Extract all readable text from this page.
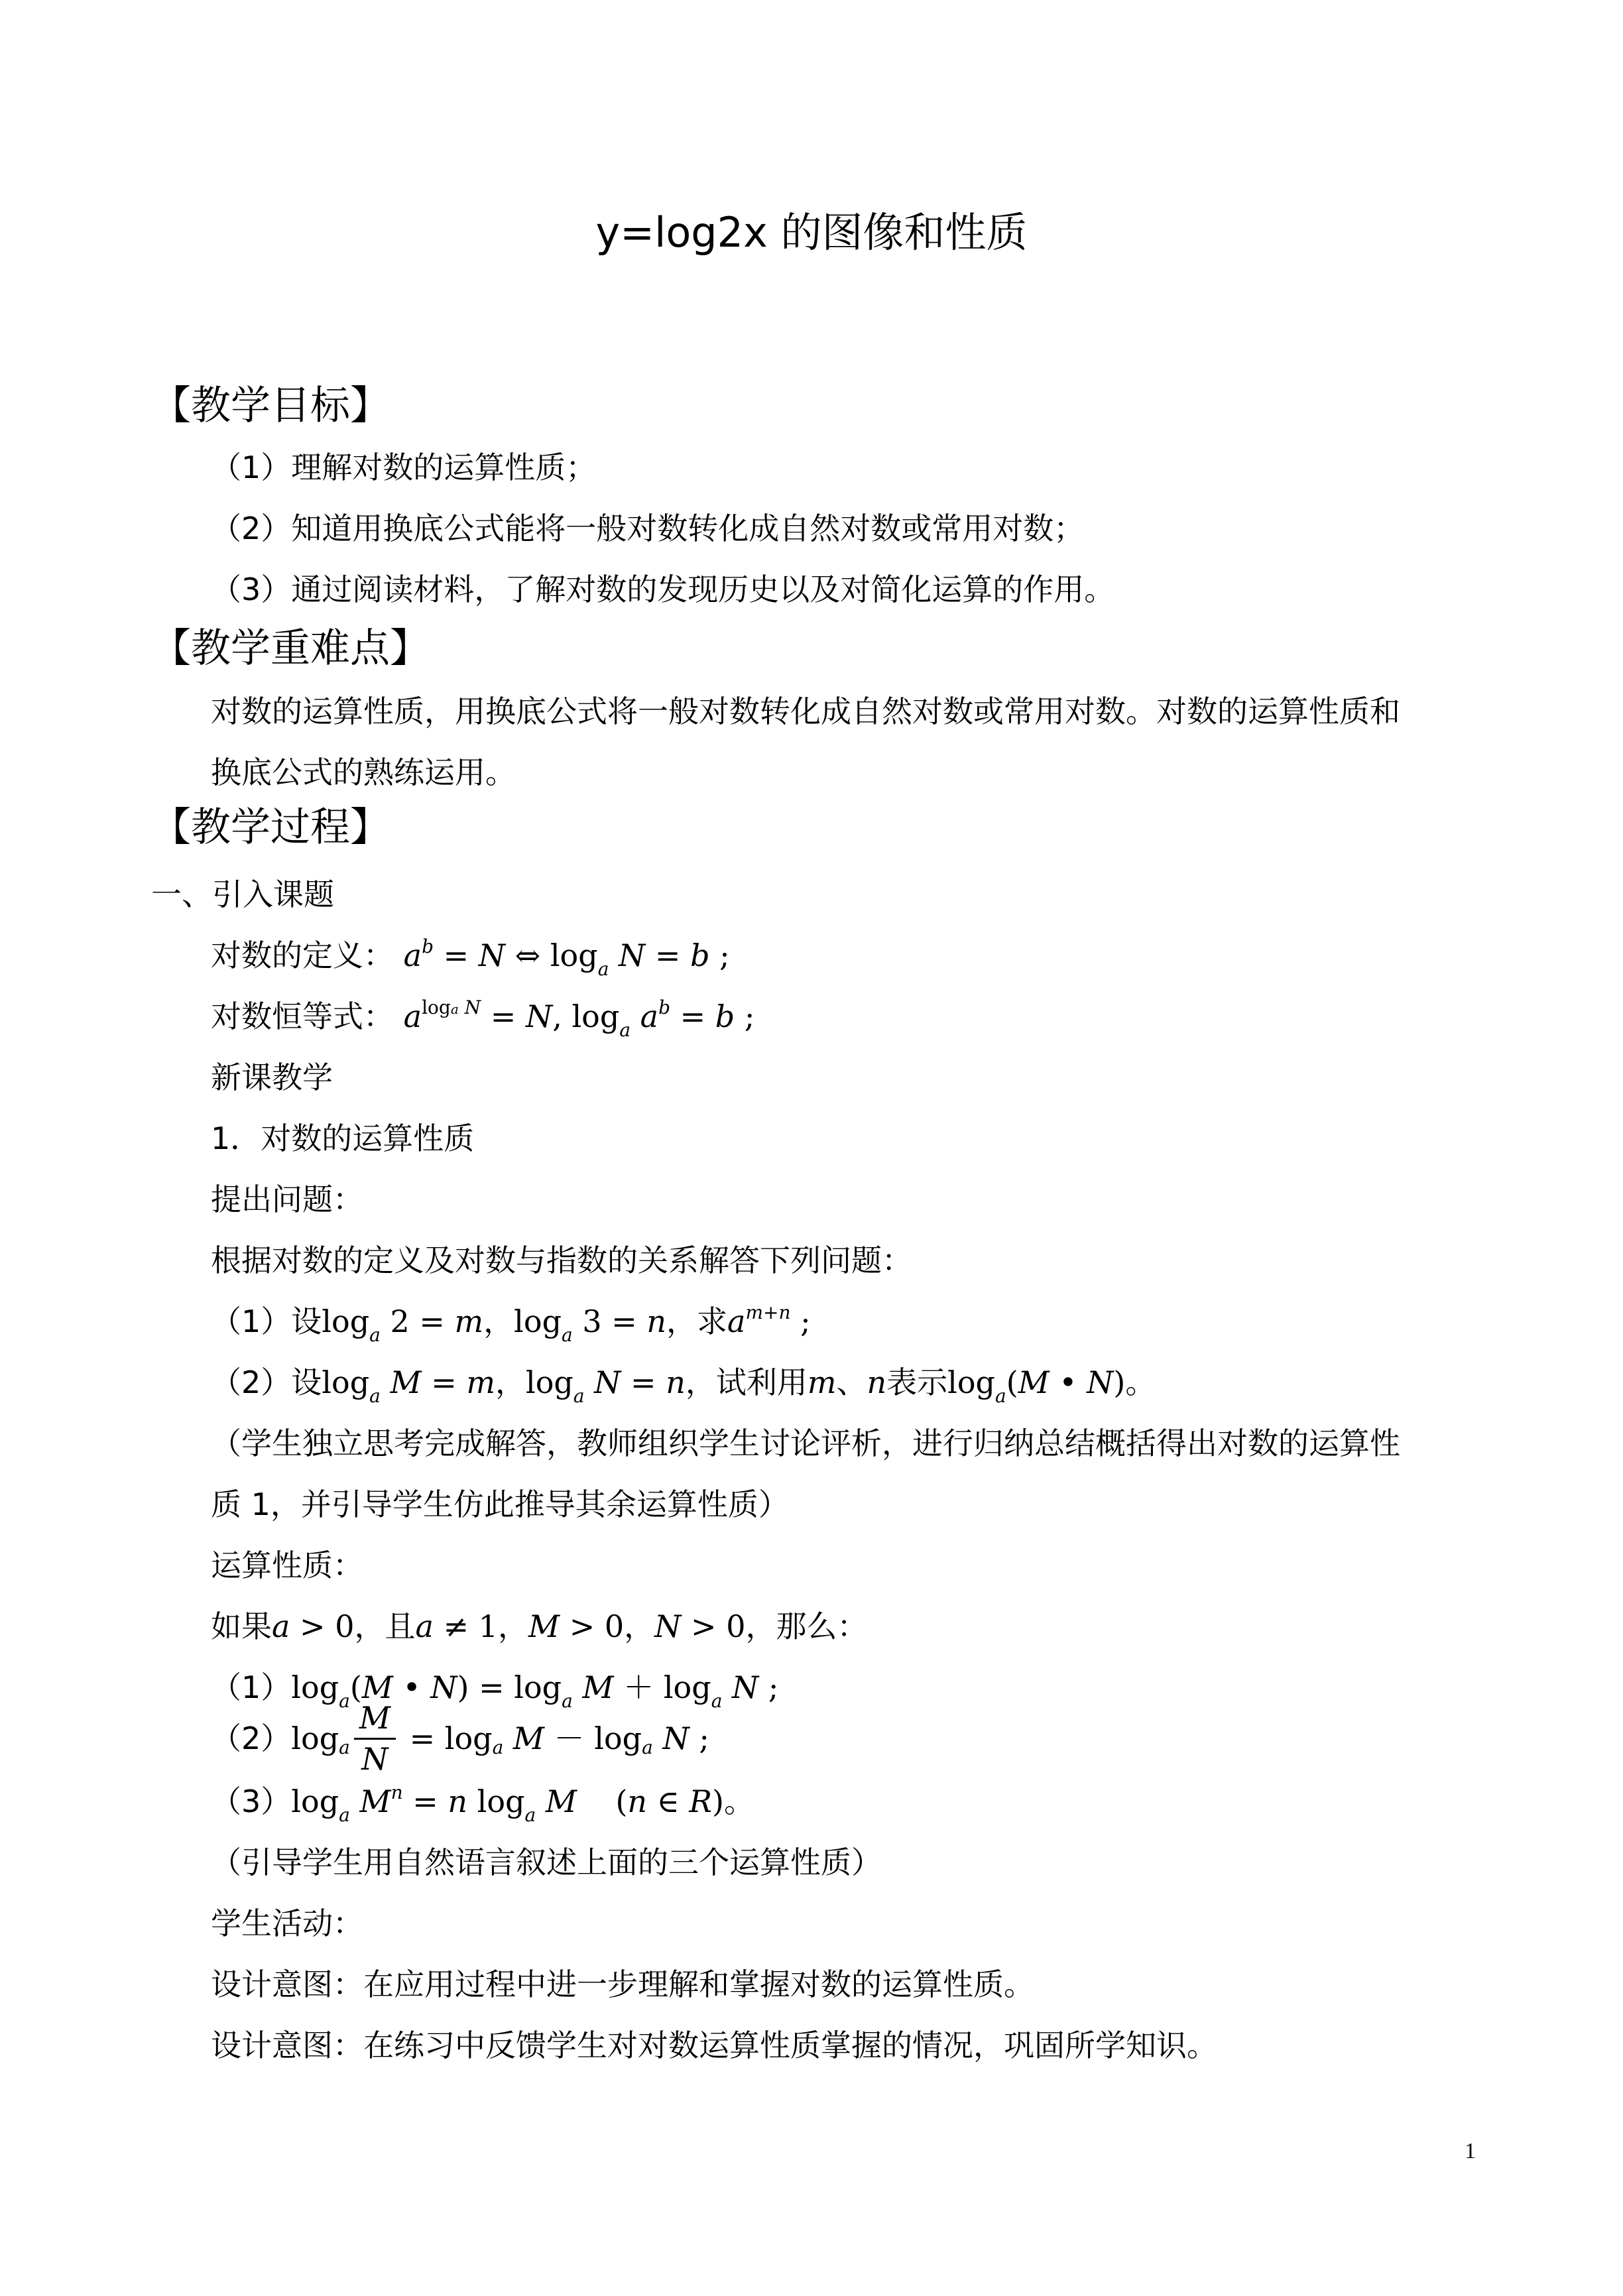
y=log2x 的图像和性质
【教学目标】
（1）理解对数的运算性质；
（2）知道用换底公式能将一般对数转化成自然对数或常用对数；
（3）通过阅读材料，了解对数的发现历史以及对简化运算的作用。
【教学重难点】
对数的运算性质，用换底公式将一般对数转化成自然对数或常用对数。对数的运算性质和
换底公式的熟练运用。
【教学过程】
一、引入课题
对数的定义： $a^b = N$ ⇔ $\log_a N = b$ ;
对数恒等式： $a^{loga N} = N$, $\log_a a^b = b$ ;
新课教学
1．对数的运算性质
提出问题：
根据对数的定义及对数与指数的关系解答下列问题：
（1）设$\log_a 2 = m$，$\log_a 3 = n$，求$a^{m+n}$ ;
（2）设$\log_a M = m$，$\log_a N = n$，试利用m、n表示$\log_a(M$ • N)。
（学生独立思考完成解答，教师组织学生讨论评析，进行归纳总结概括得出对数的运算性
质 1，并引导学生仿此推导其余运算性质）
运算性质：
如果a > 0，且a ≠ 1，M > 0，N > 0，那么：
$(1)\log_a(M$ • $N) = \log_a M + \log_a N$ ;
$(2)\log_a \frac{M}{N} = \log_a M - \log_a N$ ;
$(3)\log_a$ $M^n = n$ $\log_a M$    (n ∈ R)。
（引导学生用自然语言叙述上面的三个运算性质）
学生活动：
设计意图：在应用过程中进一步理解和掌握对数的运算性质。
设计意图：在练习中反馈学生对对数运算性质掌握的情况，巩固所学知识。
1
